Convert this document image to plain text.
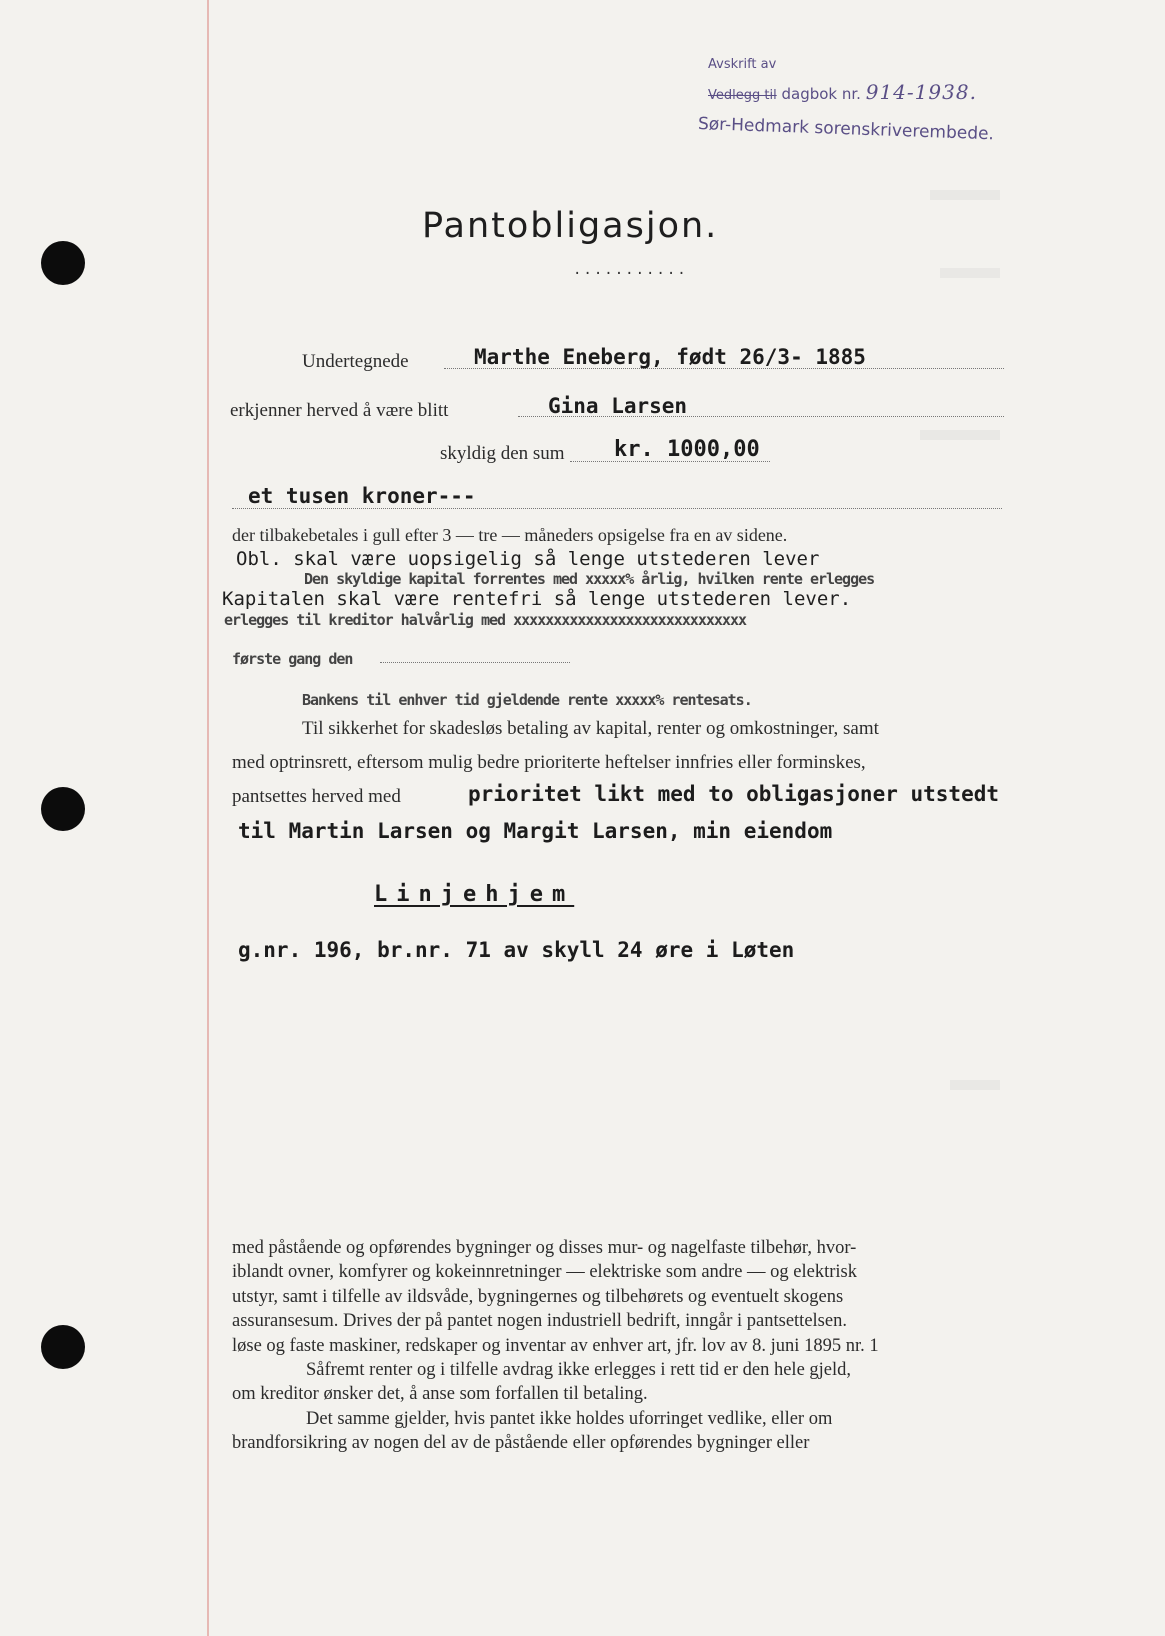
Avskrift av
Vedlegg til dagbok nr. 914-1938.
Sør-Hedmark sorenskriverembede.
Pantobligasjon.
...........
Undertegnede	Marthe Eneberg, født 26/3- 1885
erkjenner herved å være blitt	Gina Larsen
skyldig den sum kr. 1000,00
et tusen kroner---
der tilbakebetales i gull efter 3 — tre — måneders opsigelse fra en av sidene.
Obl. skal være uopsigelig så lenge utstederen lever
Den skyldige kapital forrentes med xxxxx% årlig, hvilken rente erlegges
Kapitalen skal være rentefri så lenge utstederen lever.
erlegges til kreditor halvårlig med xxxxxxxxxxxxxxxxxxxxxxxxxxxxx
første gang den
Bankens til enhver tid gjeldende rente xxxxx% rentesats.
Til sikkerhet for skadesløs betaling av kapital, renter og omkostninger, samt
med optrinsrett, eftersom mulig bedre prioriterte heftelser innfries eller forminskes,
pantsettes herved med	prioritet likt med to obligasjoner utstedt
til Martin Larsen og Margit Larsen, min eiendom
Linjehjem
g.nr. 196, br.nr. 71 av skyll 24 øre i Løten

med påstående og opførendes bygninger og disses mur- og nagelfaste tilbehør, hvor-

iblandt ovner, komfyrer og kokeinnretninger — elektriske som andre — og elektrisk

utstyr, samt i tilfelle av ildsvåde, bygningernes og tilbehørets og eventuelt skogens

assuransesum. Drives der på pantet nogen industriell bedrift, inngår i pantsettelsen.

løse og faste maskiner, redskaper og inventar av enhver art, jfr. lov av 8. juni 1895 nr. 1

Såfremt renter og i tilfelle avdrag ikke erlegges i rett tid er den hele gjeld,

om kreditor ønsker det, å anse som forfallen til betaling.

Det samme gjelder, hvis pantet ikke holdes uforringet vedlike, eller om

brandforsikring av nogen del av de påstående eller opførendes bygninger eller
